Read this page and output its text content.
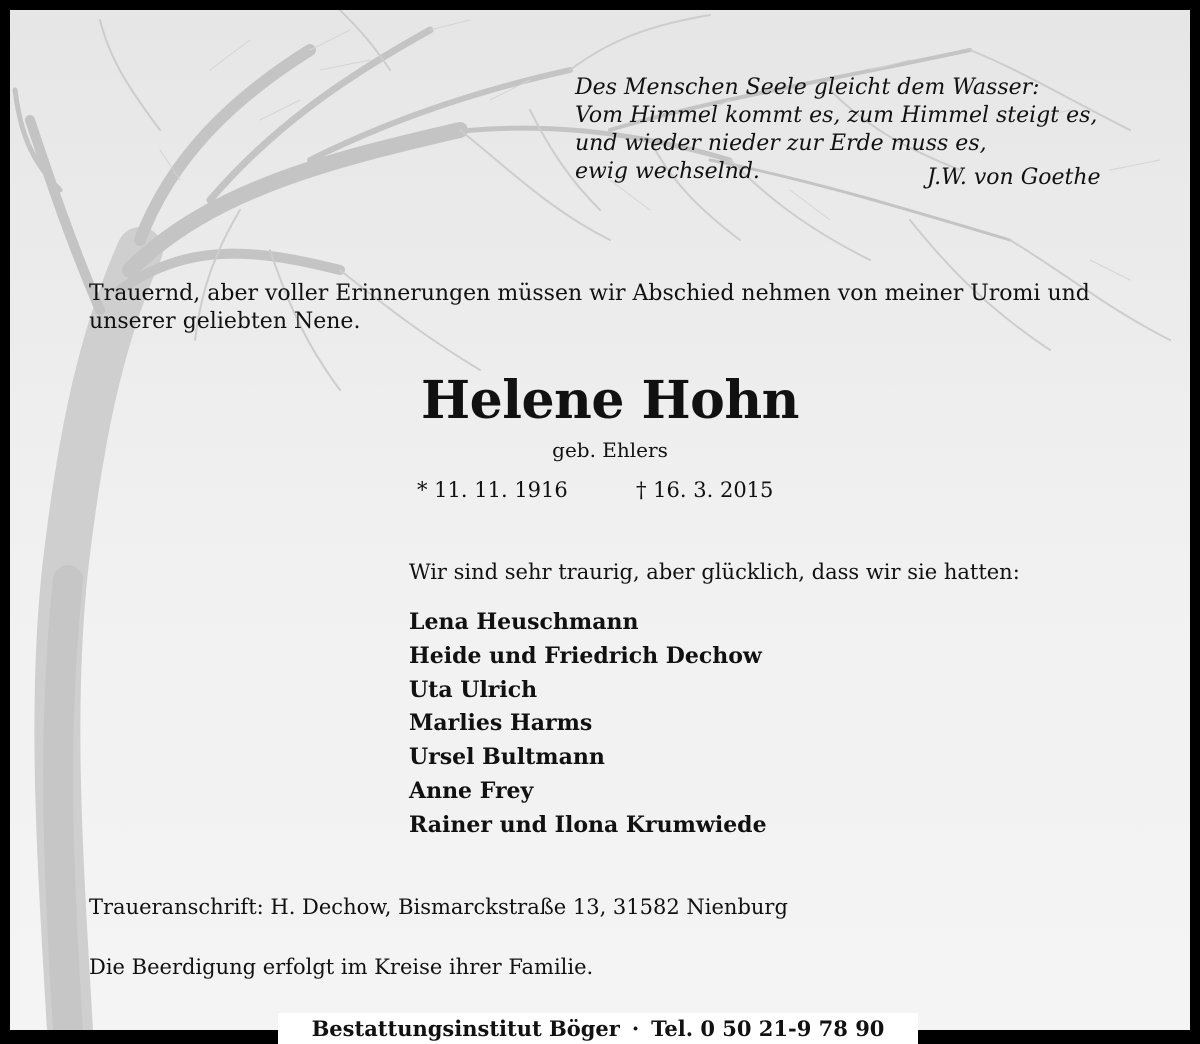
Des Menschen Seele gleicht dem Wasser:
Vom Himmel kommt es, zum Himmel steigt es,
und wieder nieder zur Erde muss es,
ewig wechselnd.	J.W. von Goethe
Trauernd, aber voller Erinnerungen müssen wir Abschied nehmen von meiner Uromi und
unserer geliebten Nene.
Helene Hohn
geb. Ehlers
* 11. 11. 1916	† 16. 3. 2015
Wir sind sehr traurig, aber glücklich, dass wir sie hatten:
Lena Heuschmann
Heide und Friedrich Dechow
Uta Ulrich
Marlies Harms
Ursel Bultmann
Anne Frey
Rainer und Ilona Krumwiede
Traueranschrift: H. Dechow, Bismarckstraße 13, 31582 Nienburg
Die Beerdigung erfolgt im Kreise ihrer Familie.
Bestattungsinstitut Böger · Tel. 0 50 21-9 78 90
